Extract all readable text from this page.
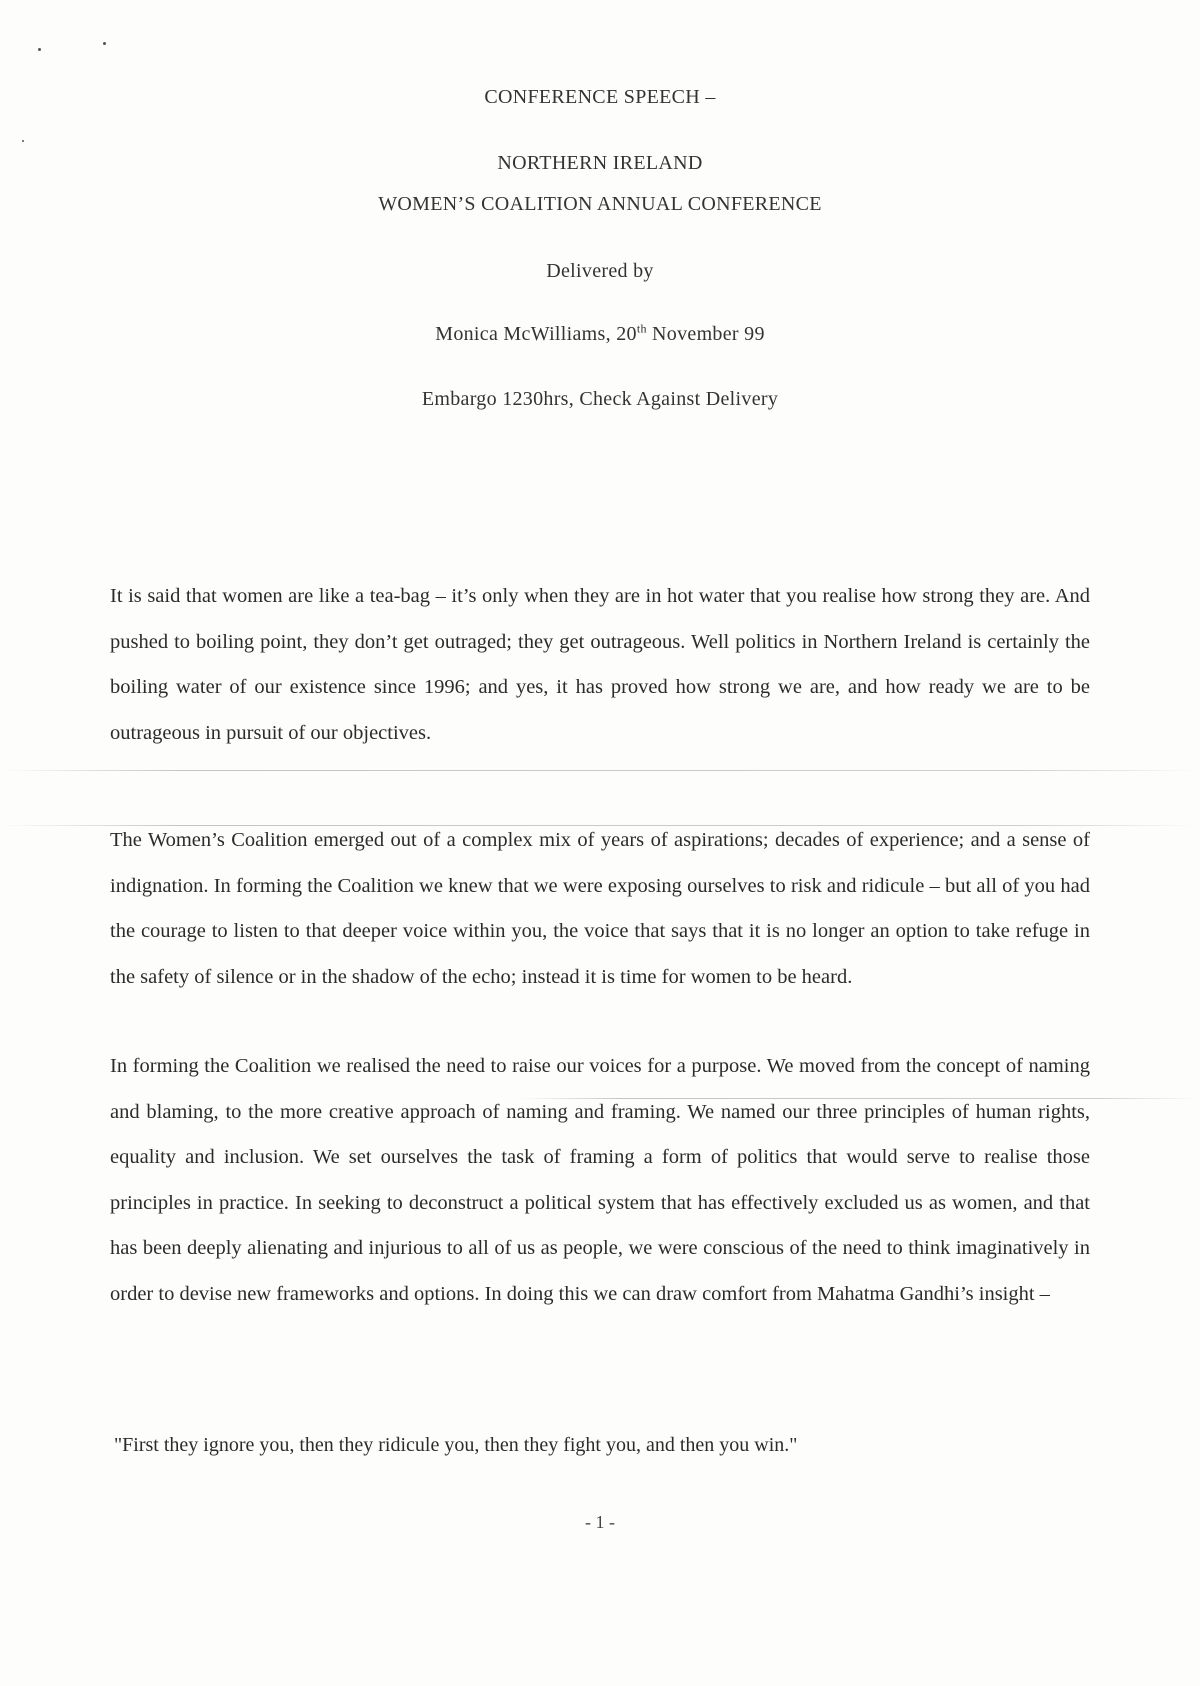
CONFERENCE SPEECH –
NORTHERN IRELAND
WOMEN’S COALITION ANNUAL CONFERENCE
Delivered by
Monica McWilliams, 20th November 99
Embargo 1230hrs, Check Against Delivery

It is said that women are like a tea-bag – it’s only when they are in hot water that you realise how strong they are. And pushed to boiling point, they don’t get outraged; they get outrageous. Well politics in Northern Ireland is certainly the boiling water of our existence since 1996; and yes, it has proved how strong we are, and how ready we are to be outrageous in pursuit of our objectives.

The Women’s Coalition emerged out of a complex mix of years of aspirations; decades of experience; and a sense of indignation. In forming the Coalition we knew that we were exposing ourselves to risk and ridicule – but all of you had the courage to listen to that deeper voice within you, the voice that says that it is no longer an option to take refuge in the safety of silence or in the shadow of the echo; instead it is time for women to be heard.

In forming the Coalition we realised the need to raise our voices for a purpose. We moved from the concept of naming and blaming, to the more creative approach of naming and framing. We named our three principles of human rights, equality and inclusion. We set ourselves the task of framing a form of politics that would serve to realise those principles in practice. In seeking to deconstruct a political system that has effectively excluded us as women, and that has been deeply alienating and injurious to all of us as people, we were conscious of the need to think imaginatively in order to devise new frameworks and options. In doing this we can draw comfort from Mahatma Gandhi’s insight –

"First they ignore you, then they ridicule you, then they fight you, and then you win."
- 1 -
